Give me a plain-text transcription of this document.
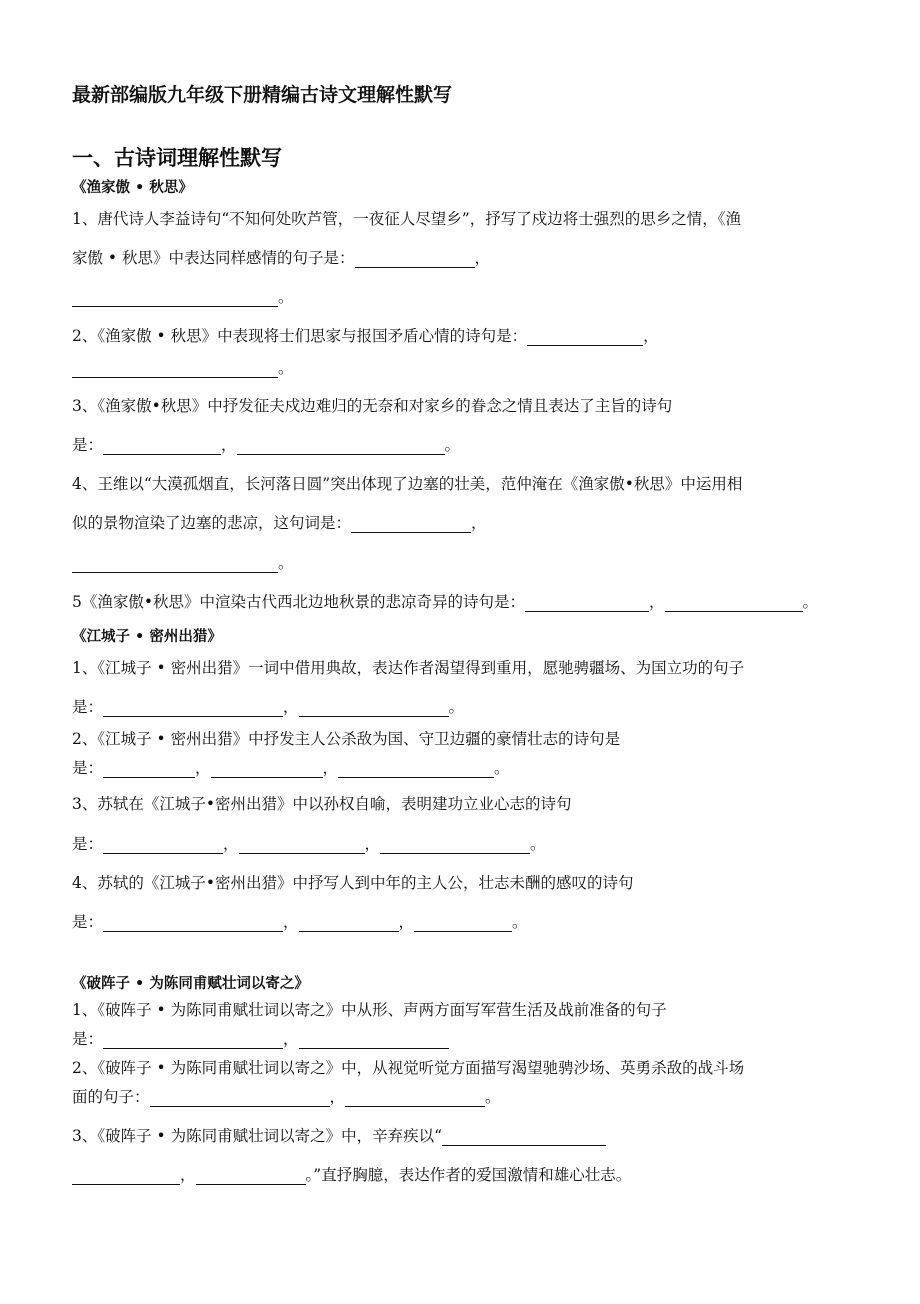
最新部编版九年级下册精编古诗文理解性默写
一、古诗词理解性默写
《渔家傲 • 秋思》
1、唐代诗人李益诗句“不知何处吹芦管，一夜征人尽望乡”，抒写了戍边将士强烈的思乡之情，《渔
家傲 • 秋思》中表达同样感情的句子是：	，
。
2、《渔家傲 • 秋思》中表现将士们思家与报国矛盾心情的诗句是：	，
。
3、《渔家傲•秋思》中抒发征夫戍边难归的无奈和对家乡的眷念之情且表达了主旨的诗句
是：	，	。
4、王维以“大漠孤烟直，长河落日圆”突出体现了边塞的壮美，范仲淹在《渔家傲•秋思》中运用相
似的景物渲染了边塞的悲凉，这句词是：	，
。
5《渔家傲•秋思》中渲染古代西北边地秋景的悲凉奇异的诗句是：	，	。
《江城子 • 密州出猎》
1、《江城子 • 密州出猎》一词中借用典故，表达作者渴望得到重用，愿驰骋疆场、为国立功的句子
是：	，	。
2、《江城子 • 密州出猎》中抒发主人公杀敌为国、守卫边疆的豪情壮志的诗句是
是：	，	，	。
3、苏轼在《江城子•密州出猎》中以孙权自喻，表明建功立业心志的诗句
是：	，	，	。
4、苏轼的《江城子•密州出猎》中抒写人到中年的主人公，壮志未酬的感叹的诗句
是：	，	，	。
《破阵子 • 为陈同甫赋壮词以寄之》
1、《破阵子 • 为陈同甫赋壮词以寄之》中从形、声两方面写军营生活及战前准备的句子
是：	，
2、《破阵子 • 为陈同甫赋壮词以寄之》中，从视觉听觉方面描写渴望驰骋沙场、英勇杀敌的战斗场
面的句子：	，	。
3、《破阵子 • 为陈同甫赋壮词以寄之》中，辛弃疾以“
，	。”直抒胸臆，表达作者的爱国激情和雄心壮志。
